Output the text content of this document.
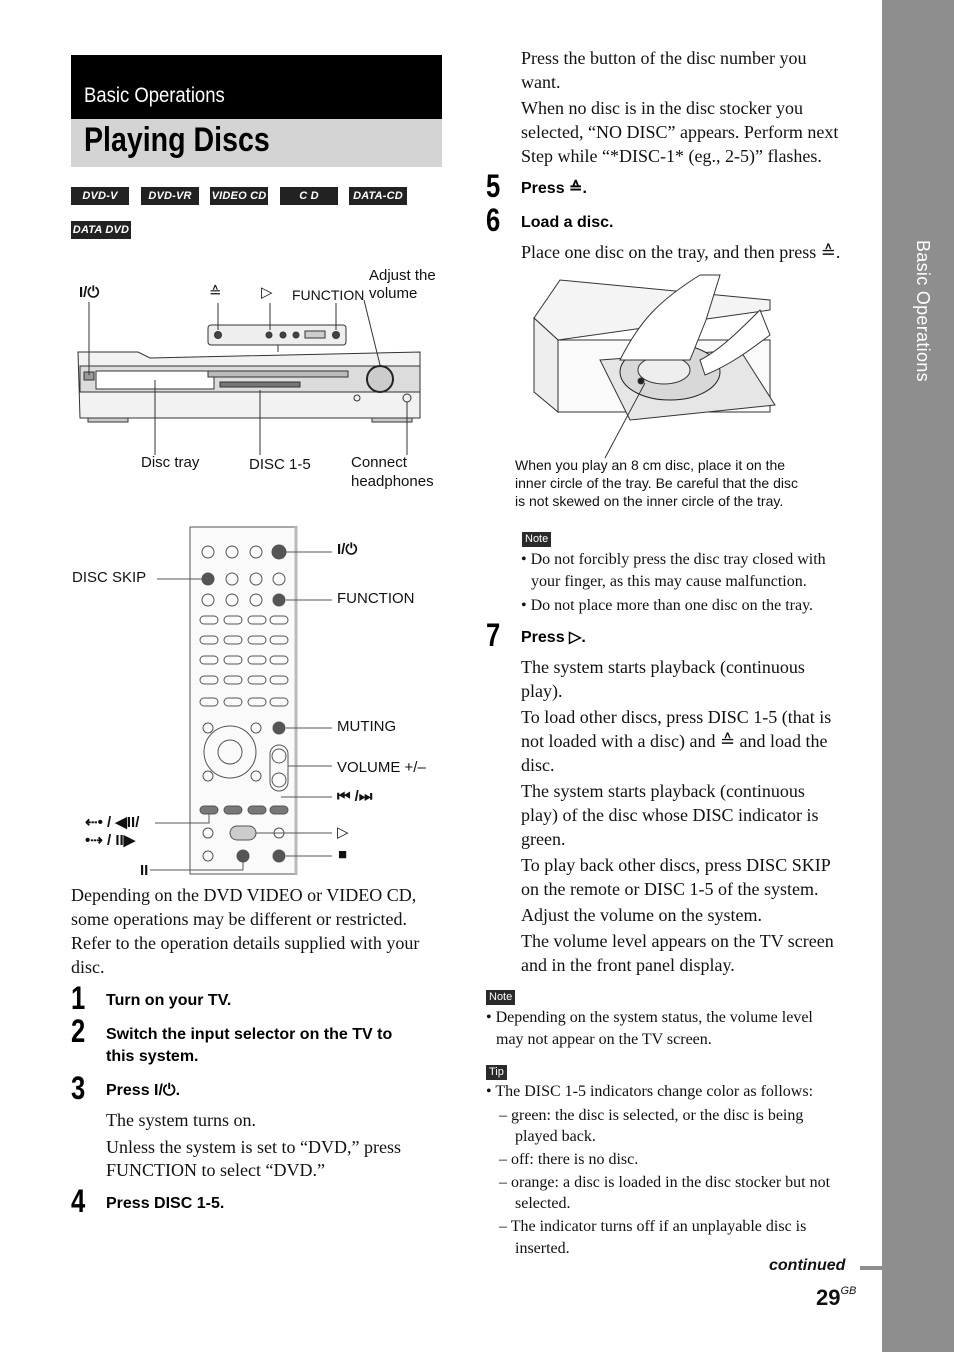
Basic Operations
Basic Operations
Playing Discs
DVD-V	DVD-VR	VIDEO CD	C D	DATA-CD
DATA DVD
I/⏻	≙	▷ FUNCTION
Adjust the
volume
Disc tray	DISC 1-5	Connect
headphones
I/⏻
DISC SKIP
FUNCTION
MUTING
VOLUME +/–
⏮ /⏭
⇠• / ◀II/
•⇢ / II▶
II
▷
■
Depending on the DVD VIDEO or VIDEO CD,
some operations may be different or restricted.
Refer to the operation details supplied with your
disc.
1 Turn on your TV.
2 Switch the input selector on the TV to
this system.
3 Press I/⏻.
The system turns on.
Unless the system is set to “DVD,” press
FUNCTION to select “DVD.”
4 Press DISC 1-5.
Press the button of the disc number you
want.
When no disc is in the disc stocker you
selected, “NO DISC” appears. Perform next
Step while “*DISC-1* (eg., 2-5)” flashes.
5 Press ≙.
6 Load a disc.
Place one disc on the tray, and then press ≙.
When you play an 8 cm disc, place it on the
inner circle of the tray. Be careful that the disc
is not skewed on the inner circle of the tray.
Note
• Do not forcibly press the disc tray closed with
your finger, as this may cause malfunction.
• Do not place more than one disc on the tray.
7 Press ▷.
The system starts playback (continuous
play).
To load other discs, press DISC 1-5 (that is
not loaded with a disc) and ≙ and load the
disc.
The system starts playback (continuous
play) of the disc whose DISC indicator is
green.
To play back other discs, press DISC SKIP
on the remote or DISC 1-5 of the system.
Adjust the volume on the system.
The volume level appears on the TV screen
and in the front panel display.
Note
• Depending on the system status, the volume level
may not appear on the TV screen.
Tip
• The DISC 1-5 indicators change color as follows:
– green: the disc is selected, or the disc is being
played back.
– off: there is no disc.
– orange: a disc is loaded in the disc stocker but not
selected.
– The indicator turns off if an unplayable disc is
inserted.
continued
$29^{GB}$
